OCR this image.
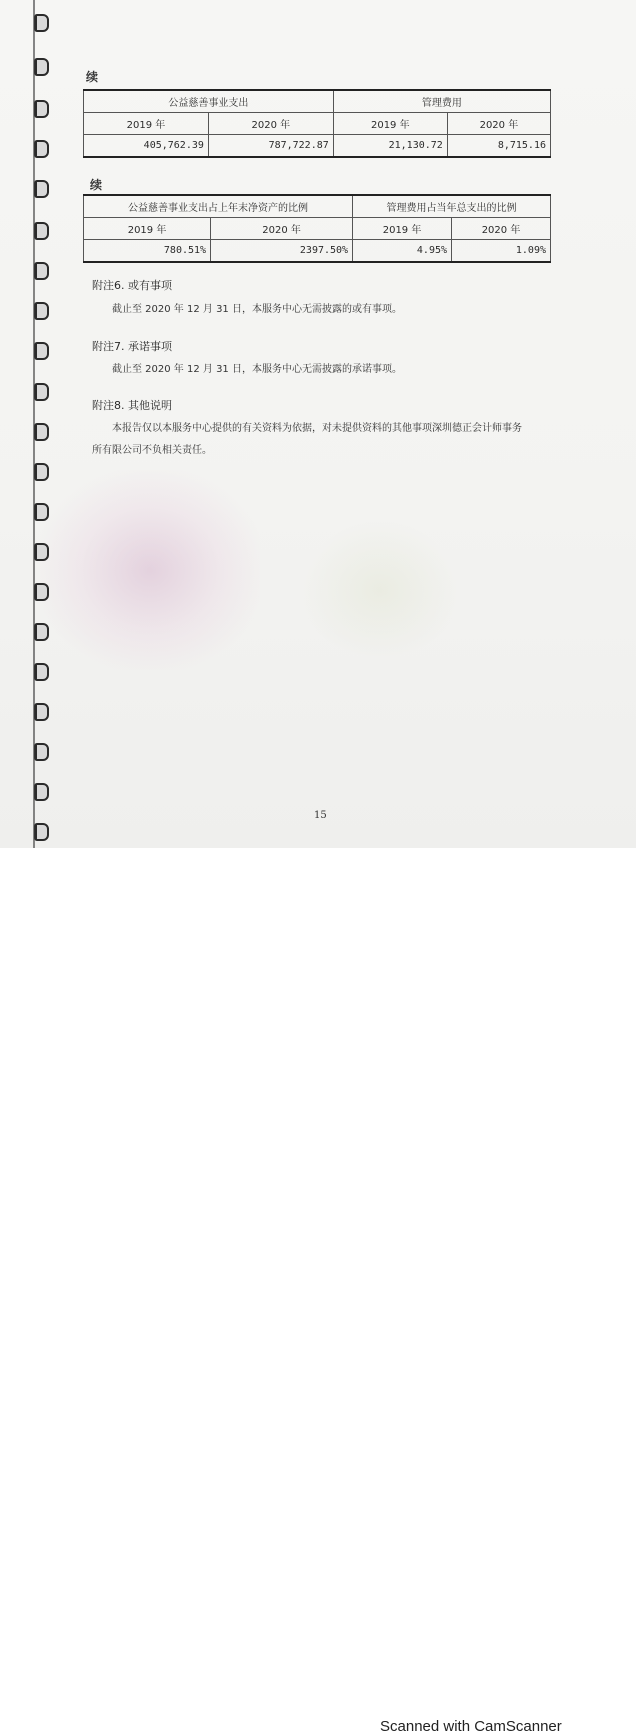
续
公益慈善事业支出		管理费用	
2019 年	2020 年	2019 年	2020 年
405,762.39	787,722.87	21,130.72	8,715.16
续
公益慈善事业支出占上年末净资产的比例		管理费用占当年总支出的比例	
2019 年	2020 年	2019 年	2020 年
780.51%	2397.50%	4.95%	1.09%
附注6. 或有事项
截止至 2020 年 12 月 31 日，本服务中心无需披露的或有事项。
附注7. 承诺事项
截止至 2020 年 12 月 31 日，本服务中心无需披露的承诺事项。
附注8. 其他说明
本报告仅以本服务中心提供的有关资料为依据，对未提供资料的其他事项深圳德正会计师事务
所有限公司不负相关责任。
15
Scanned with CamScanner
